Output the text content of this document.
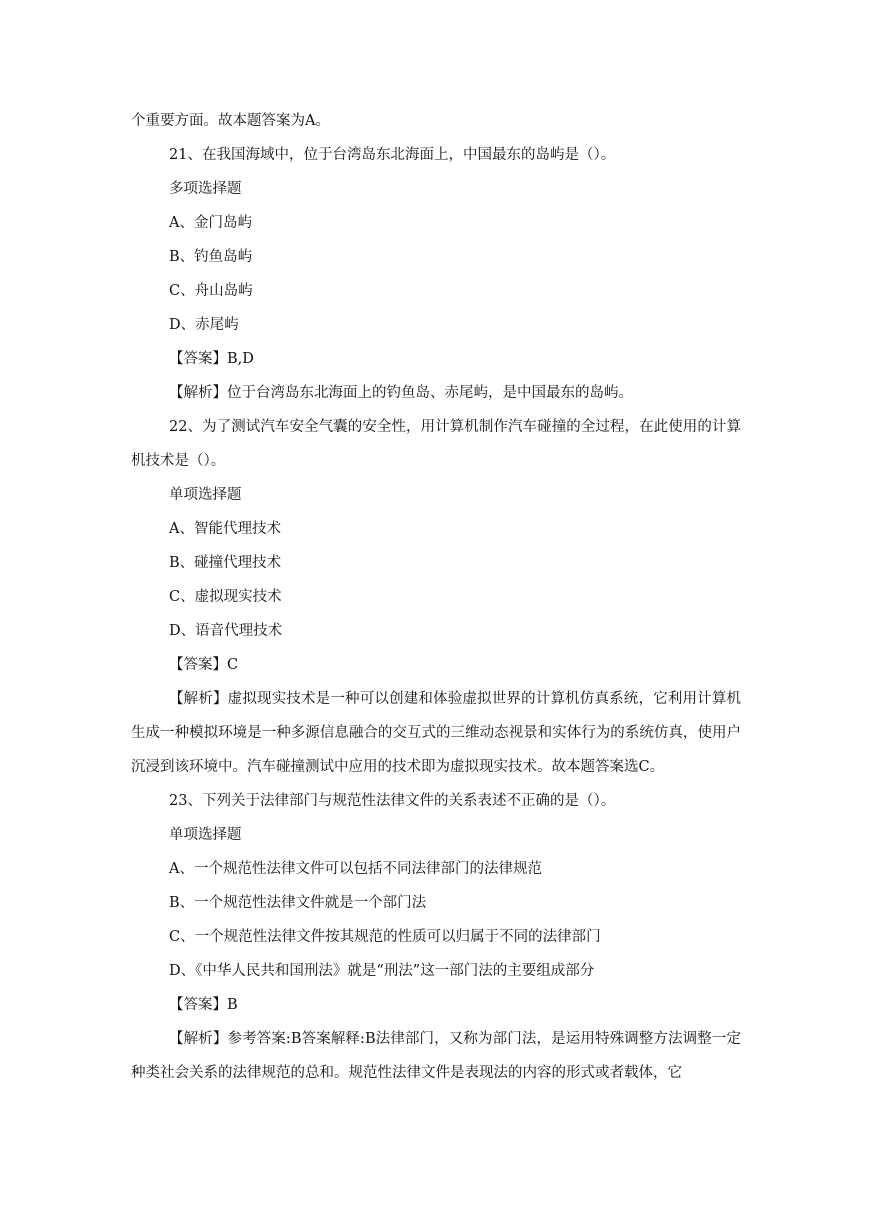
个重要方面。故本题答案为A。

21、在我国海域中，位于台湾岛东北海面上，中国最东的岛屿是（）。

多项选择题

A、金门岛屿

B、钓鱼岛屿

C、舟山岛屿

D、赤尾屿

【答案】B,D

【解析】位于台湾岛东北海面上的钓鱼岛、赤尾屿，是中国最东的岛屿。

22、为了测试汽车安全气囊的安全性，用计算机制作汽车碰撞的全过程，在此使用的计算机技术是（）。

单项选择题

A、智能代理技术

B、碰撞代理技术

C、虚拟现实技术

D、语音代理技术

【答案】C

【解析】虚拟现实技术是一种可以创建和体验虚拟世界的计算机仿真系统，它利用计算机生成一种模拟环境是一种多源信息融合的交互式的三维动态视景和实体行为的系统仿真，使用户沉浸到该环境中。汽车碰撞测试中应用的技术即为虚拟现实技术。故本题答案选C。

23、下列关于法律部门与规范性法律文件的关系表述不正确的是（）。

单项选择题

A、一个规范性法律文件可以包括不同法律部门的法律规范

B、一个规范性法律文件就是一个部门法

C、一个规范性法律文件按其规范的性质可以归属于不同的法律部门

D、《中华人民共和国刑法》就是“刑法”这一部门法的主要组成部分

【答案】B

【解析】参考答案:B答案解释:B法律部门，又称为部门法，是运用特殊调整方法调整一定种类社会关系的法律规范的总和。规范性法律文件是表现法的内容的形式或者载体，它
